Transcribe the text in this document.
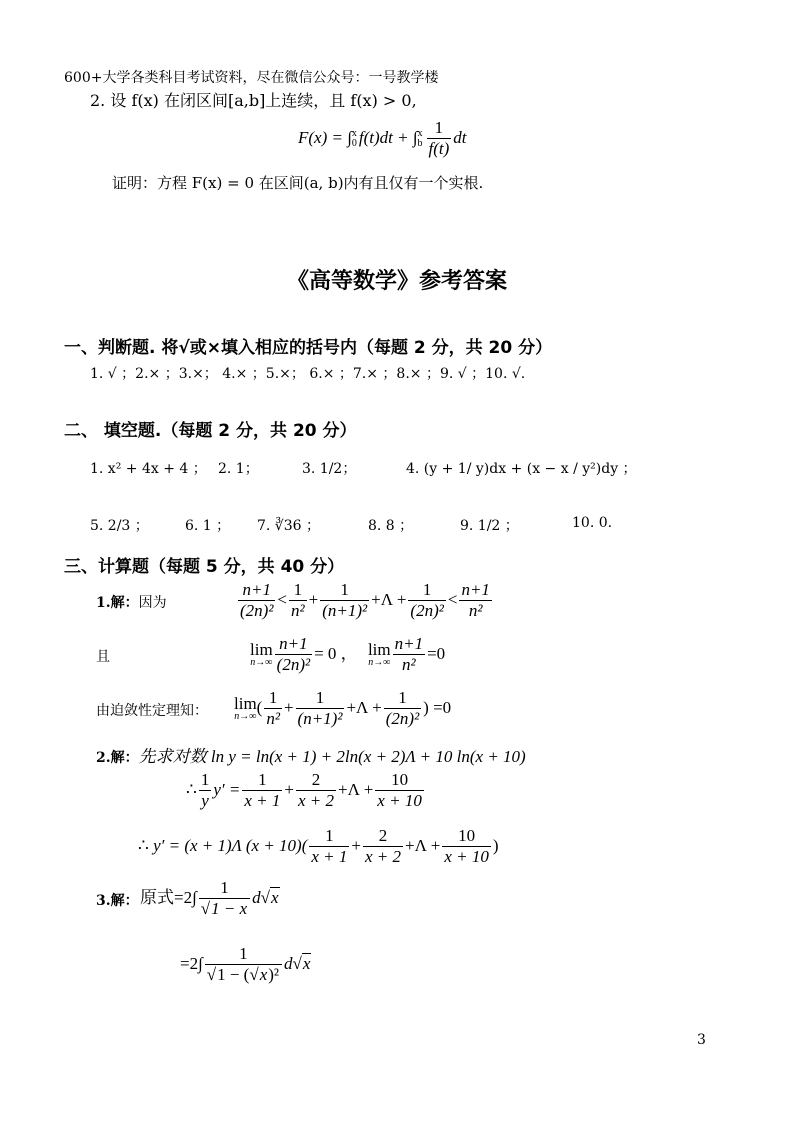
600+大学各类科目考试资料，尽在微信公众号：一号教学楼
2. 设 f(x) 在闭区间[a,b]上连续，且 f(x) > 0,
F(x) = ∫ x
0 f(t)dt + ∫ x
b $\frac{1}{f(t)}$ dt
证明：方程 F(x) = 0 在区间(a, b)内有且仅有一个实根.
《高等数学》参考答案
一、判断题. 将√或×填入相应的括号内（每题 2 分，共 20 分）
1. √ ；2.× ；3.×； 4.× ；5.×； 6.× ；7.× ；8.× ；9. √ ；10. √.
二、 填空题.（每题 2 分，共 20 分）
1. x² + 4x + 4 ； 2. 1；	3. 1/2；	4. (y + 1/ y)dx + (x − x / y²)dy ；
5. 2/3 ；	6. 1 ； 7. ∛36 ；	8. 8 ；	9. 1/2 ；	10. 0.
三、计算题（每题 5 分，共 40 分）
1.解：因为	$\frac{n+1}{\text{(2n)²}} < \frac{1}{\text{n²}} + \frac{1}{\text{(n+1)²}} +\Lambda + \frac{1}{\text{(2n)²}} < \frac{n+1}{\text{n²}}$
且	lim
$n\to\infty \frac{n+1}{\text{(2n)²}} = 0$ ， lim
$n\to\infty \frac{n+1}{\text{n²}} =0$
由迫敛性定理知： lim
n→∞
( $\frac{1}{\text{n²}} + \frac{1}{\text{(n+1)²}} +\Lambda + \frac{1}{\text{(2n)²}}$ ) =0
2.解：先求对数 ln y = ln(x + 1) + 2ln(x + 2)Λ + 10 ln(x + 10)
∴ $\frac{1}{y} y' = \frac{1}{x + 1} + \frac{2}{x + 2} +\Lambda + \frac{10}{x + 10}$
∴ y′ = (x + 1)Λ $(x + 10)( \frac{1}{x + 1} + \frac{2}{x + 2} +\Lambda + \frac{10}{x + 10}$ )
3.解： 原式$=2\int \frac{1}{√1 - x} d√x$
$=2\int \frac{1}{\text{√1 − (√x)²}} d√x$
3
